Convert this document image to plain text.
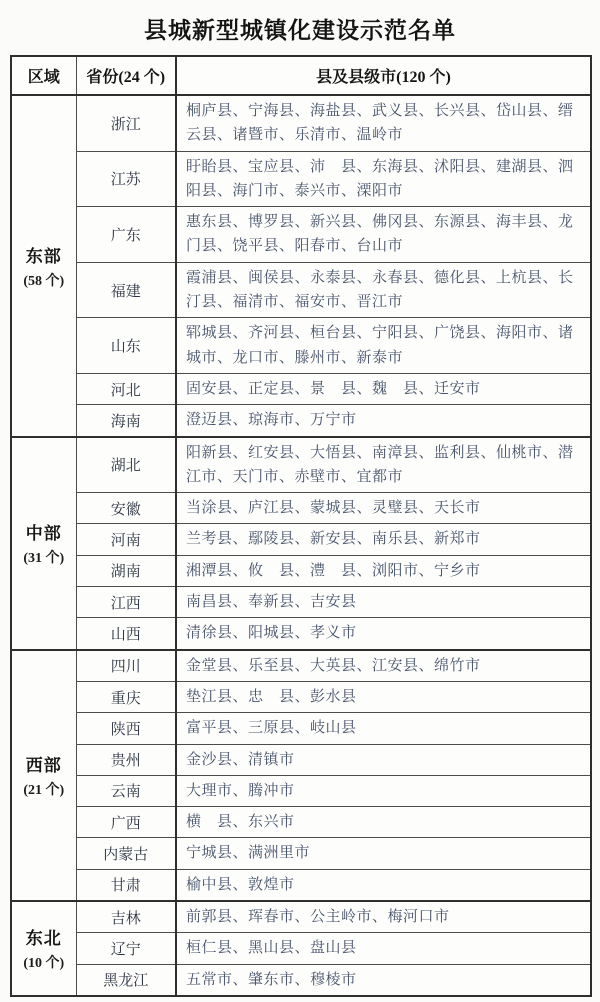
县城新型城镇化建设示范名单
区域	省份(24 个)	县及县级市(120 个)

东部
(58 个)	浙江	桐庐县、宁海县、海盐县、武义县、长兴县、岱山县、缙云县、诸暨市、乐清市、温岭市
	江苏	盱眙县、宝应县、沛　县、东海县、沭阳县、建湖县、泗阳县、海门市、泰兴市、溧阳市
	广东	惠东县、博罗县、新兴县、佛冈县、东源县、海丰县、龙门县、饶平县、阳春市、台山市
	福建	霞浦县、闽侯县、永泰县、永春县、德化县、上杭县、长汀县、福清市、福安市、晋江市
	山东	郓城县、齐河县、桓台县、宁阳县、广饶县、海阳市、诸城市、龙口市、滕州市、新泰市
	河北	固安县、正定县、景　县、魏　县、迁安市
	海南	澄迈县、琼海市、万宁市

中部
(31 个)	湖北	阳新县、红安县、大悟县、南漳县、监利县、仙桃市、潜江市、天门市、赤壁市、宜都市
	安徽	当涂县、庐江县、蒙城县、灵璧县、天长市
	河南	兰考县、鄢陵县、新安县、南乐县、新郑市
	湖南	湘潭县、攸　县、澧　县、浏阳市、宁乡市
	江西	南昌县、奉新县、吉安县
	山西	清徐县、阳城县、孝义市

西部
(21 个)	四川	金堂县、乐至县、大英县、江安县、绵竹市
	重庆	垫江县、忠　县、彭水县
	陕西	富平县、三原县、岐山县
	贵州	金沙县、清镇市
	云南	大理市、腾冲市
	广西	横　县、东兴市
	内蒙古	宁城县、满洲里市
	甘肃	榆中县、敦煌市

东北
(10 个)	吉林	前郭县、珲春市、公主岭市、梅河口市
	辽宁	桓仁县、黑山县、盘山县
	黑龙江	五常市、肇东市、穆棱市
